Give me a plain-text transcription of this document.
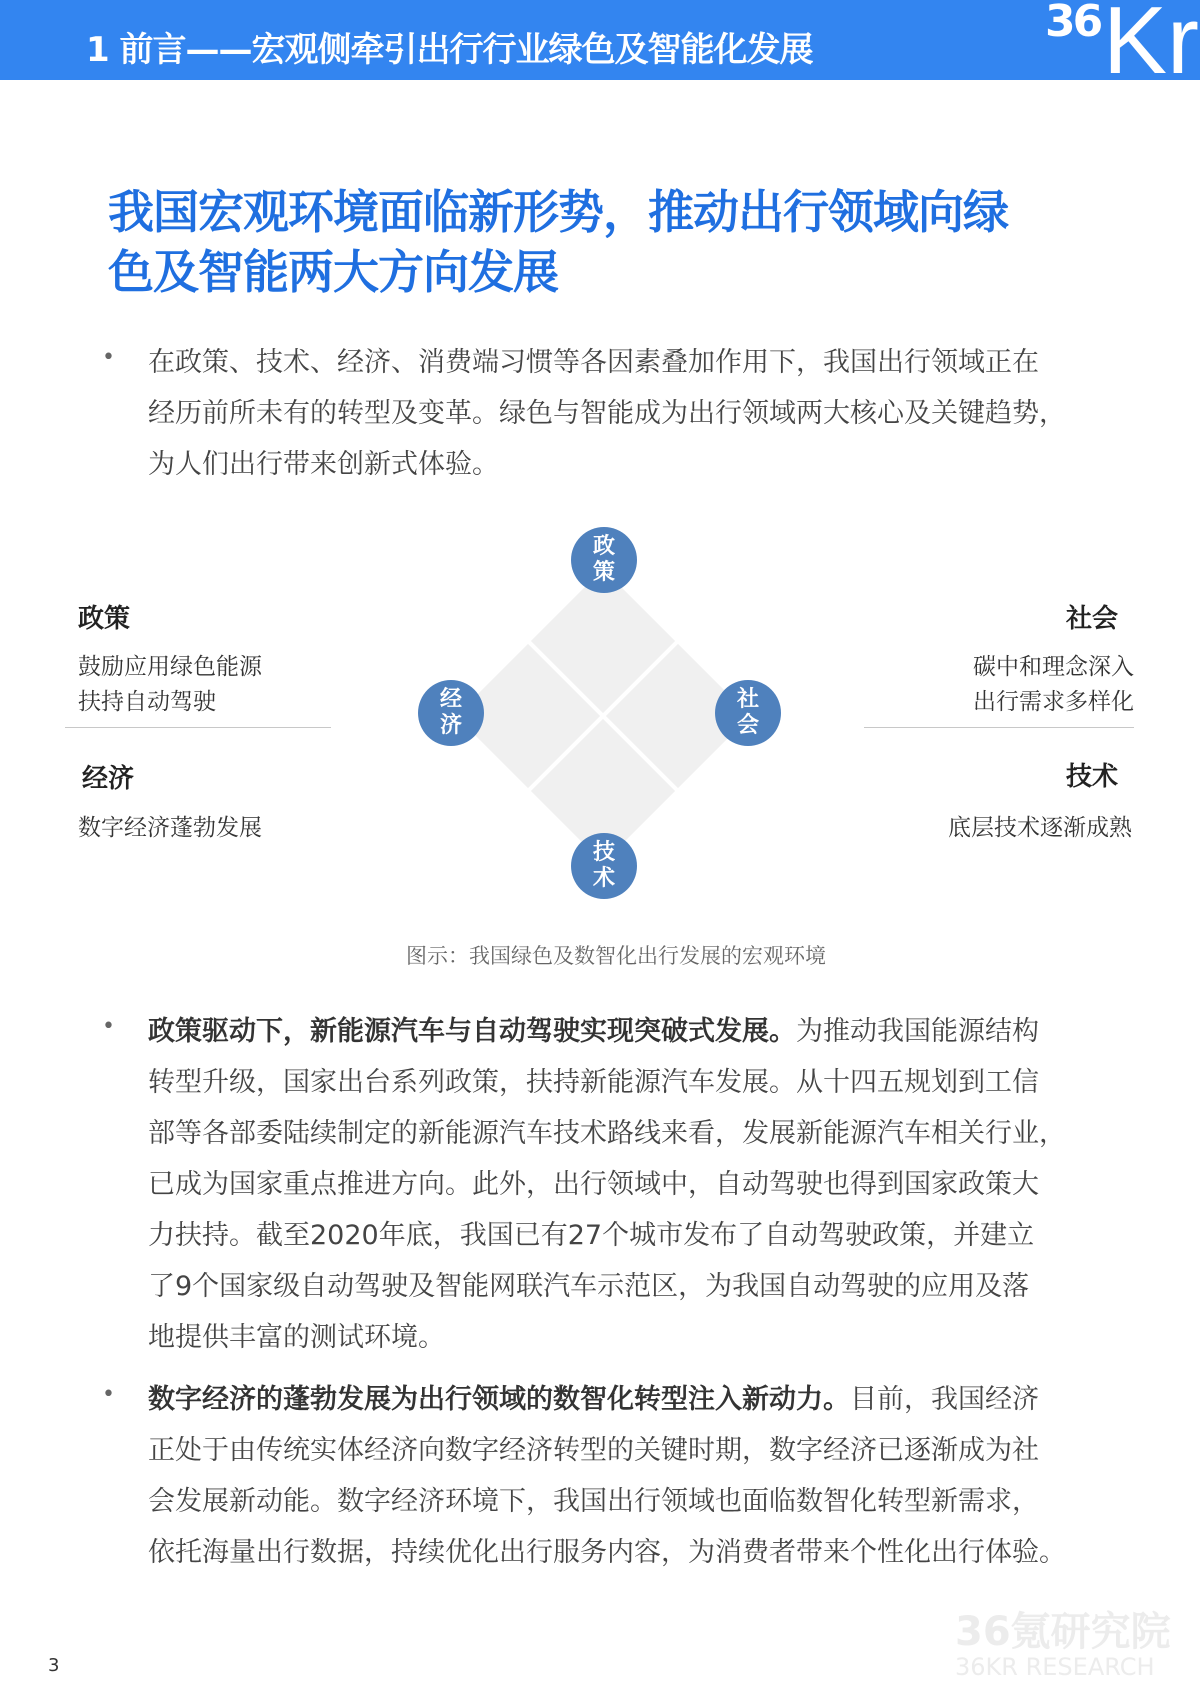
1 前言——宏观侧牵引出行行业绿色及智能化发展
36 Kr
我国宏观环境面临新形势，推动出行领域向绿
色及智能两大方向发展
• 在政策、技术、经济、消费端习惯等各因素叠加作用下，我国出行领域正在
经历前所未有的转型及变革。绿色与智能成为出行领域两大核心及关键趋势，
为人们出行带来创新式体验。
政
策
经
济
社
会
技
术
政策
鼓励应用绿色能源
扶持自动驾驶
经济
数字经济蓬勃发展
社会
碳中和理念深入
出行需求多样化
技术
底层技术逐渐成熟
图示：我国绿色及数智化出行发展的宏观环境
• 政策驱动下，新能源汽车与自动驾驶实现突破式发展。为推动我国能源结构
转型升级，国家出台系列政策，扶持新能源汽车发展。从十四五规划到工信
部等各部委陆续制定的新能源汽车技术路线来看，发展新能源汽车相关行业，
已成为国家重点推进方向。此外，出行领域中，自动驾驶也得到国家政策大
力扶持。截至2020年底，我国已有27个城市发布了自动驾驶政策，并建立
了9个国家级自动驾驶及智能网联汽车示范区，为我国自动驾驶的应用及落
地提供丰富的测试环境。
• 数字经济的蓬勃发展为出行领域的数智化转型注入新动力。目前，我国经济
正处于由传统实体经济向数字经济转型的关键时期，数字经济已逐渐成为社
会发展新动能。数字经济环境下，我国出行领域也面临数智化转型新需求，
依托海量出行数据，持续优化出行服务内容，为消费者带来个性化出行体验。
36氪研究院
36KR RESEARCH
3
